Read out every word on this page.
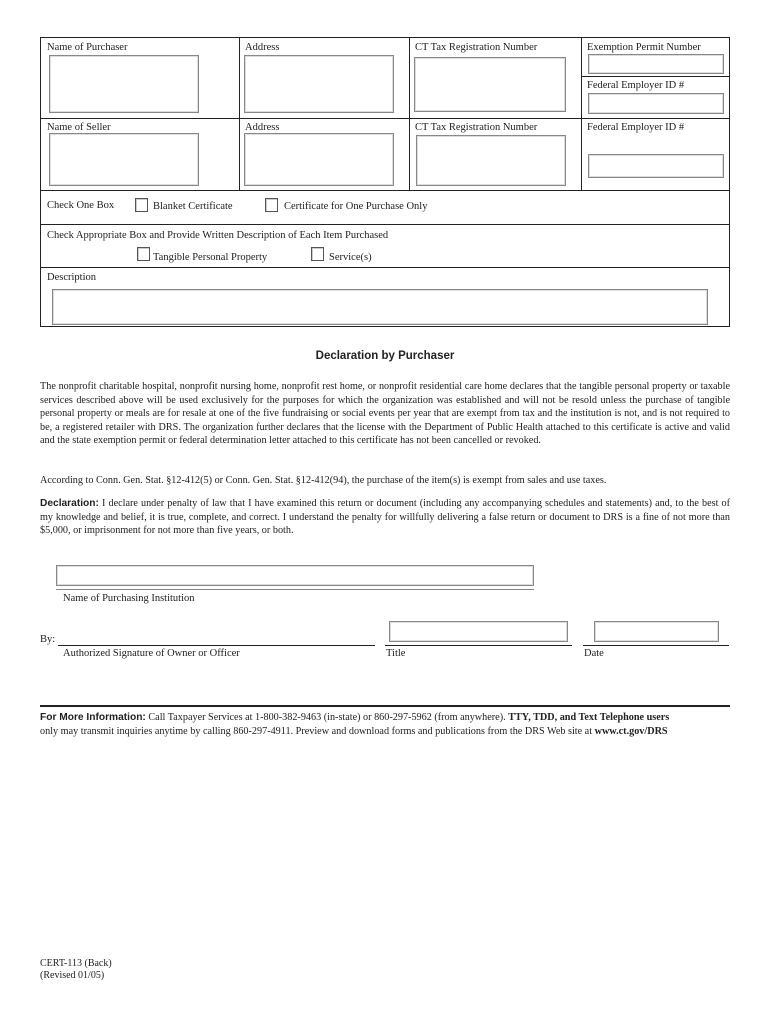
Name of Purchaser	Address	CT Tax Registration Number	Exemption Permit Number
Federal Employer ID #
Name of Seller	Address	CT Tax Registration Number	Federal Employer ID #
Check One Box	Blanket Certificate	Certificate for One Purchase Only
Check Appropriate Box and Provide Written Description of Each Item Purchased
Tangible Personal Property	Service(s)
Description
Declaration by Purchaser
The nonprofit charitable hospital, nonprofit nursing home, nonprofit rest home, or nonprofit residential care home declares that the tangible personal property or taxable services described above will be used exclusively for the purposes for which the organization was established and will not be resold unless the purchase of tangible personal property or meals are for resale at one of the five fundraising or social events per year that are exempt from tax and the institution is not, and is not required to be, a registered retailer with DRS. The organization further declares that the license with the Department of Public Health attached to this certificate is active and valid and the state exemption permit or federal determination letter attached to this certificate has not been cancelled or revoked.
According to Conn. Gen. Stat. §12-412(5) or Conn. Gen. Stat. §12-412(94), the purchase of the item(s) is exempt from sales and use taxes.
Declaration: I declare under penalty of law that I have examined this return or document (including any accompanying schedules and statements) and, to the best of my knowledge and belief, it is true, complete, and correct. I understand the penalty for willfully delivering a false return or document to DRS is a fine of not more than $5,000, or imprisonment for not more than five years, or both.
Name of Purchasing Institution
By:
Authorized Signature of Owner or Officer	Title	Date
For More Information: Call Taxpayer Services at 1-800-382-9463 (in-state) or 860-297-5962 (from anywhere). TTY, TDD, and Text Telephone users
only may transmit inquiries anytime by calling 860-297-4911. Preview and download forms and publications from the DRS Web site at www.ct.gov/DRS
CERT-113 (Back)
(Revised 01/05)
